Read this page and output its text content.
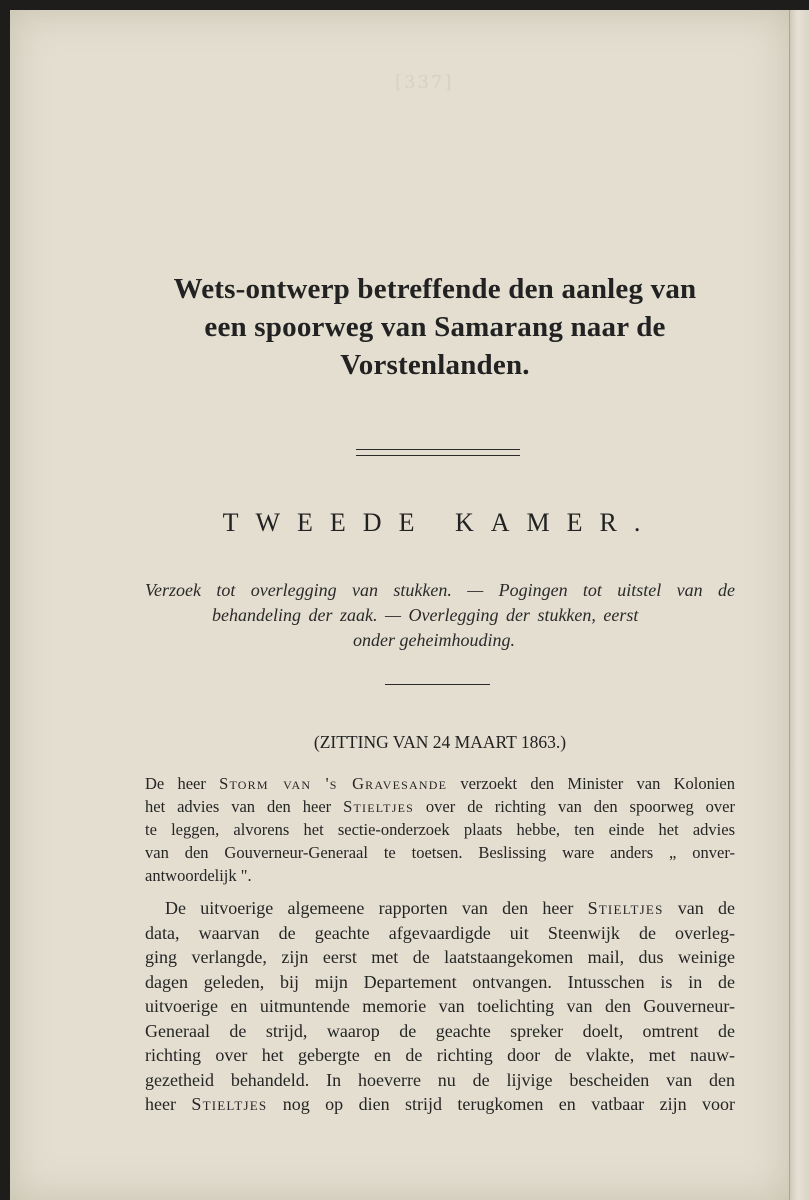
[337]
Wets-ontwerp betreffende den aanleg van
een spoorweg van Samarang naar de
Vorstenlanden.
TWEEDE KAMER.
Verzoek tot overlegging van stukken. — Pogingen tot uitstel van de
behandeling der zaak. — Overlegging der stukken, eerst
onder geheimhouding.
(ZITTING VAN 24 MAART 1863.)
De heer Storm van 's Gravesande verzoekt den Minister van Kolonien
het advies van den heer Stieltjes over de richting van den spoorweg over
te leggen, alvorens het sectie-onderzoek plaats hebbe, ten einde het advies
van den Gouverneur-Generaal te toetsen. Beslissing ware anders „ onver-
antwoordelijk ".
De uitvoerige algemeene rapporten van den heer Stieltjes van de
data, waarvan de geachte afgevaardigde uit Steenwijk de overleg-
ging verlangde, zijn eerst met de laatstaangekomen mail, dus weinige
dagen geleden, bij mijn Departement ontvangen. Intusschen is in de
uitvoerige en uitmuntende memorie van toelichting van den Gouverneur-
Generaal de strijd, waarop de geachte spreker doelt, omtrent de
richting over het gebergte en de richting door de vlakte, met nauw-
gezetheid behandeld. In hoeverre nu de lijvige bescheiden van den
heer Stieltjes nog op dien strijd terugkomen en vatbaar zijn voor
